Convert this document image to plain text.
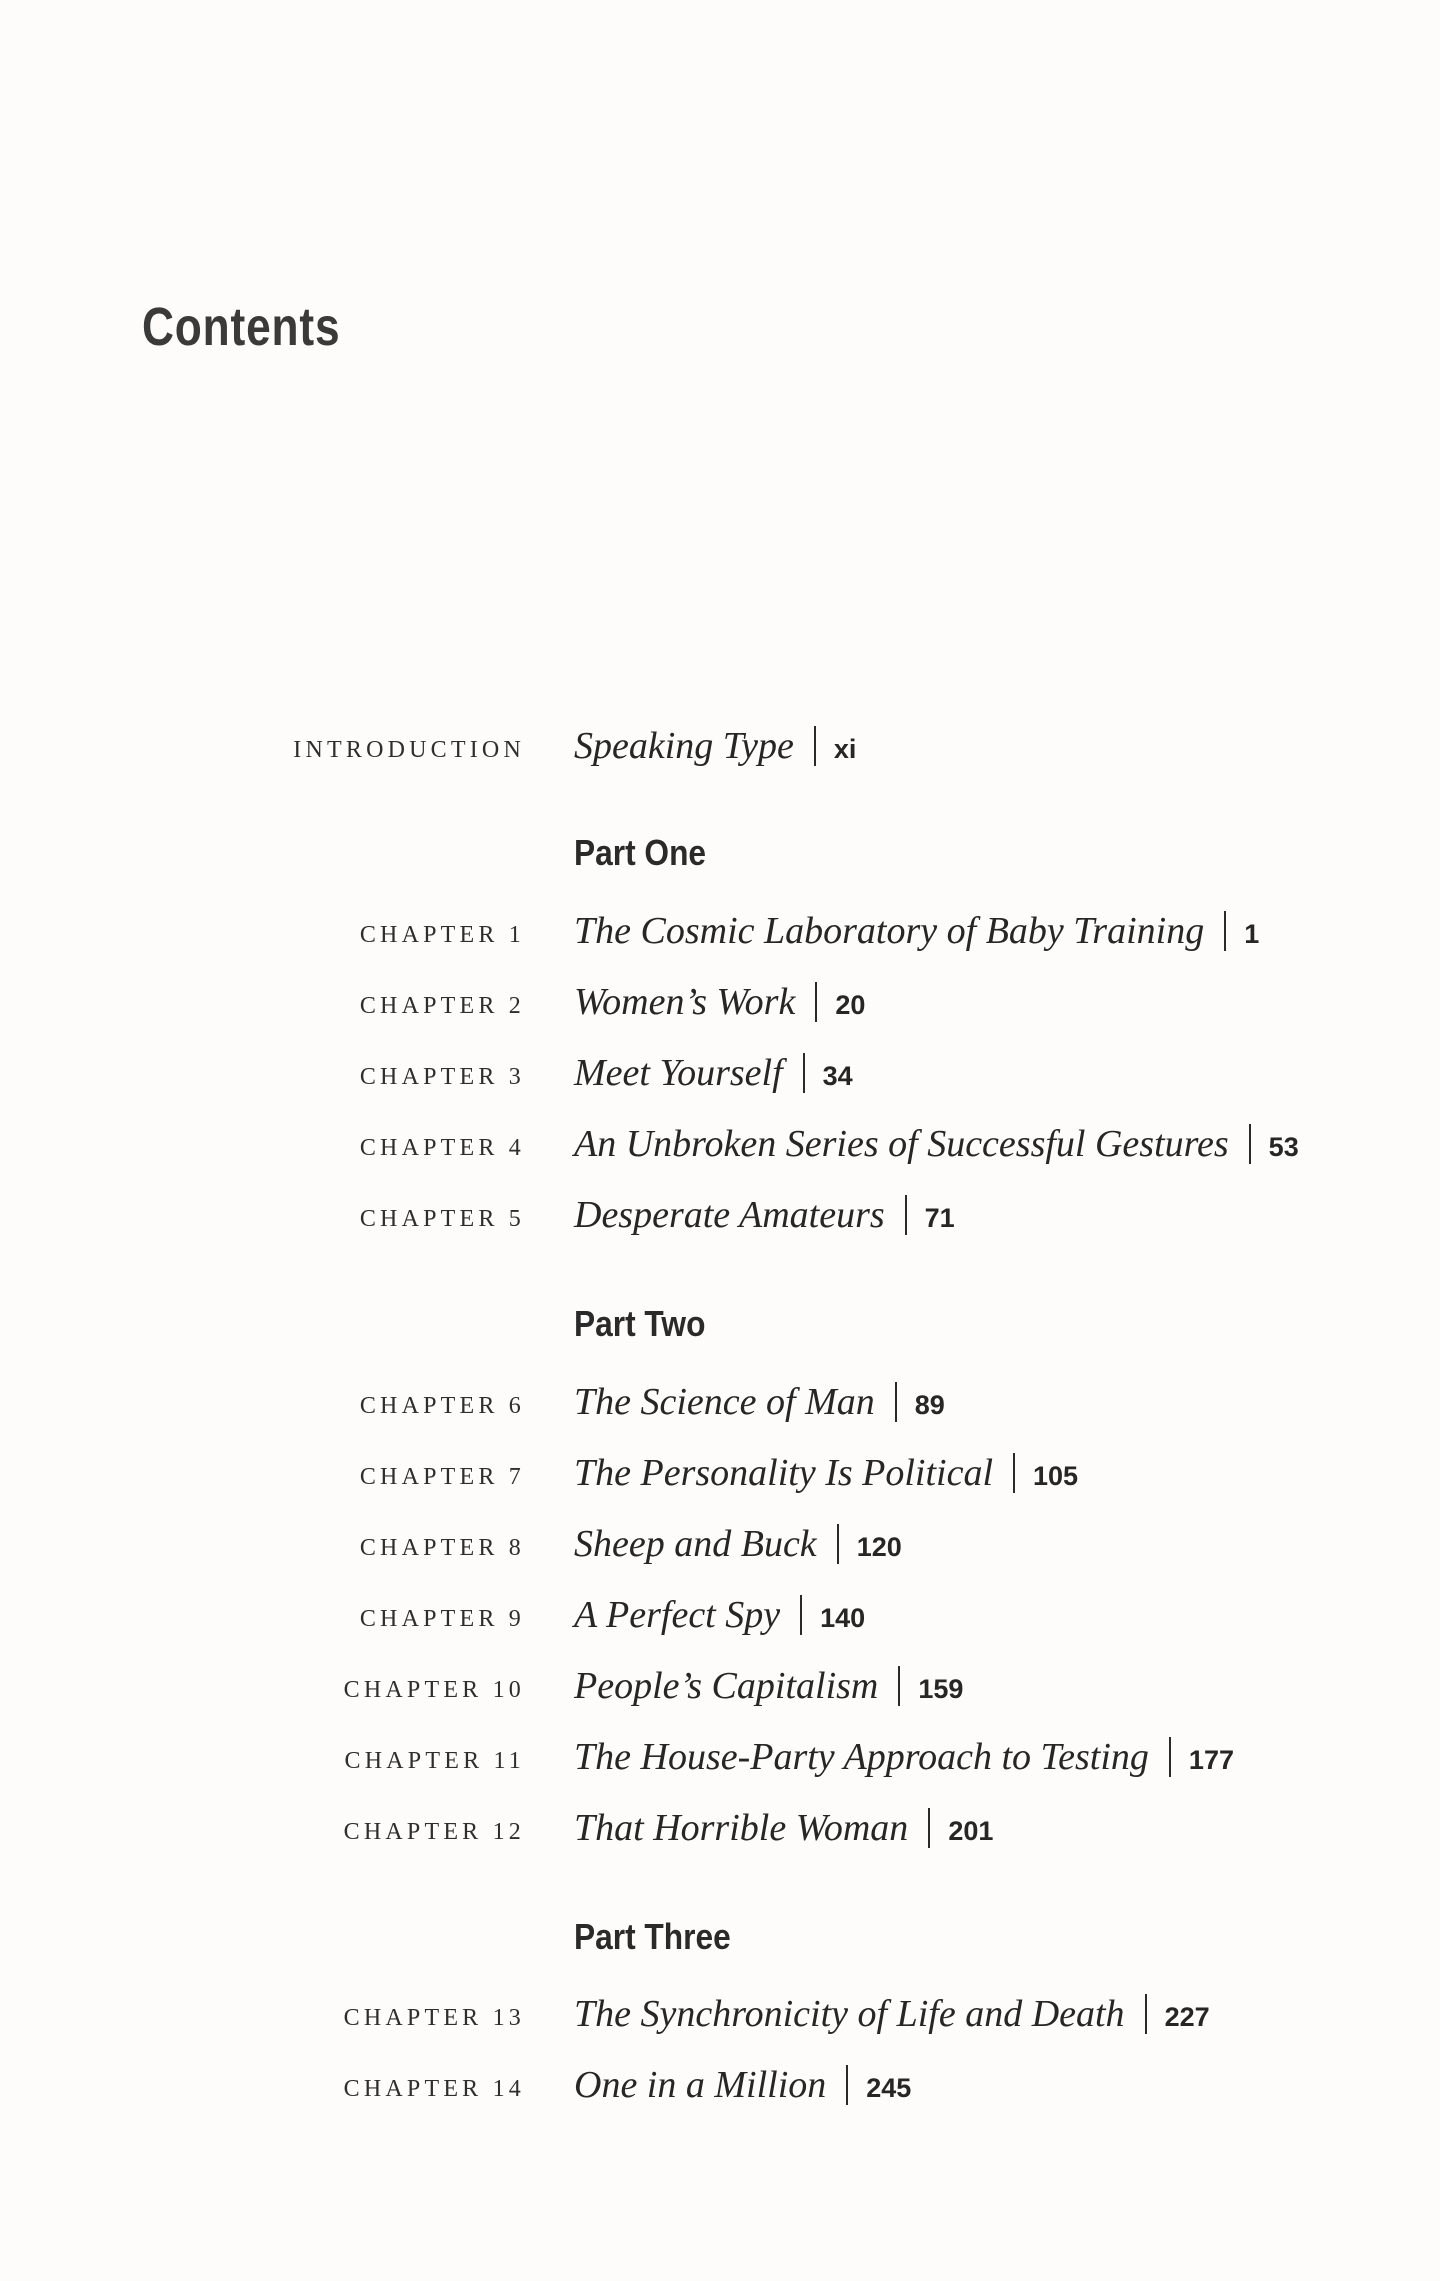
Contents
INTRODUCTION Speaking Type xi
Part One
CHAPTER 1 The Cosmic Laboratory of Baby Training 1
CHAPTER 2 Women’s Work 20
CHAPTER 3 Meet Yourself 34
CHAPTER 4 An Unbroken Series of Successful Gestures 53
CHAPTER 5 Desperate Amateurs 71
Part Two
CHAPTER 6 The Science of Man 89
CHAPTER 7 The Personality Is Political 105
CHAPTER 8 Sheep and Buck 120
CHAPTER 9 A Perfect Spy 140
CHAPTER 10 People’s Capitalism 159
CHAPTER 11 The House-Party Approach to Testing 177
CHAPTER 12 That Horrible Woman 201
Part Three
CHAPTER 13 The Synchronicity of Life and Death 227
CHAPTER 14 One in a Million 245
